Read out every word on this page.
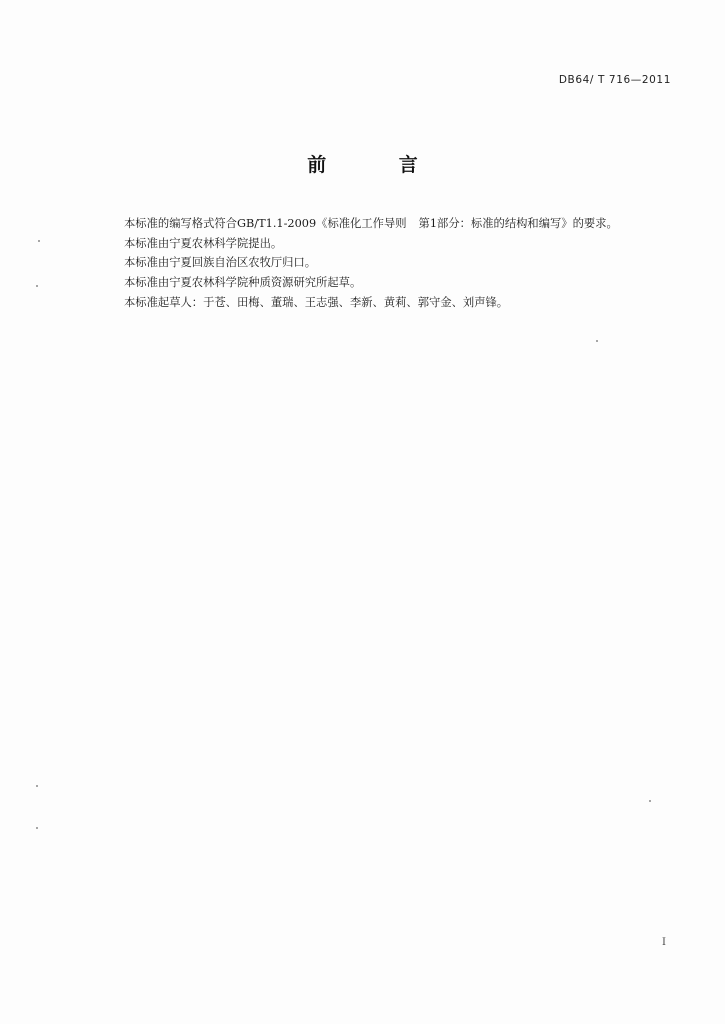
DB64/ T 716—2011
前 言
本标准的编写格式符合GB/T1.1-2009《标准化工作导则 第1部分：标准的结构和编写》的要求。
本标准由宁夏农林科学院提出。
本标准由宁夏回族自治区农牧厅归口。
本标准由宁夏农林科学院种质资源研究所起草。
本标准起草人：于苍、田梅、董瑞、王志强、李新、黄莉、郭守金、刘声锋。
I
